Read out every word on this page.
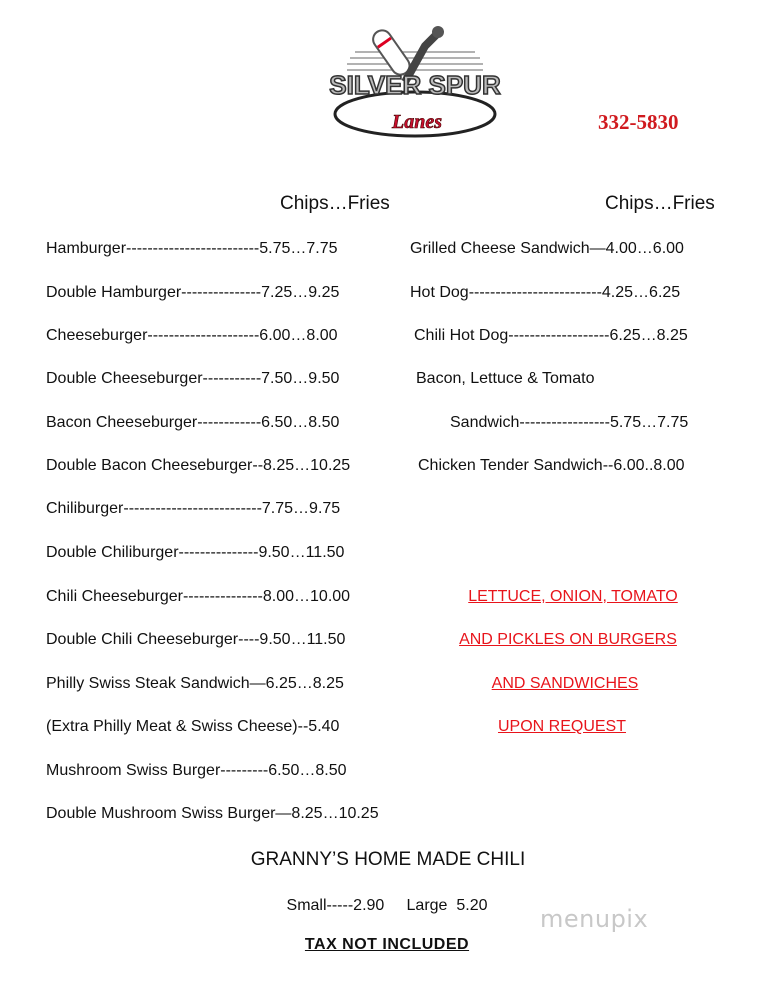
SILVER SPUR
Lanes	332-5830
Chips…Fries	Chips…Fries
Hamburger-------------------------5.75…7.75
Double Hamburger---------------7.25…9.25
Cheeseburger---------------------6.00…8.00
Double Cheeseburger-----------7.50…9.50
Bacon Cheeseburger------------6.50…8.50
Double Bacon Cheeseburger--8.25…10.25
Chiliburger--------------------------7.75…9.75
Double Chiliburger---------------9.50…11.50
Chili Cheeseburger---------------8.00…10.00
Double Chili Cheeseburger----9.50…11.50
Philly Swiss Steak Sandwich—6.25…8.25
(Extra Philly Meat & Swiss Cheese)--5.40
Mushroom Swiss Burger---------6.50…8.50
Double Mushroom Swiss Burger—8.25…10.25
Grilled Cheese Sandwich—4.00…6.00
Hot Dog-------------------------4.25…6.25
Chili Hot Dog-------------------6.25…8.25
Bacon, Lettuce & Tomato
Sandwich-----------------5.75…7.75
Chicken Tender Sandwich--6.00..8.00
LETTUCE, ONION, TOMATO
AND PICKLES ON BURGERS
AND SANDWICHES
UPON REQUEST
GRANNY’S HOME MADE CHILI
Small-----2.90     Large  5.20
TAX NOT INCLUDED
menupix
